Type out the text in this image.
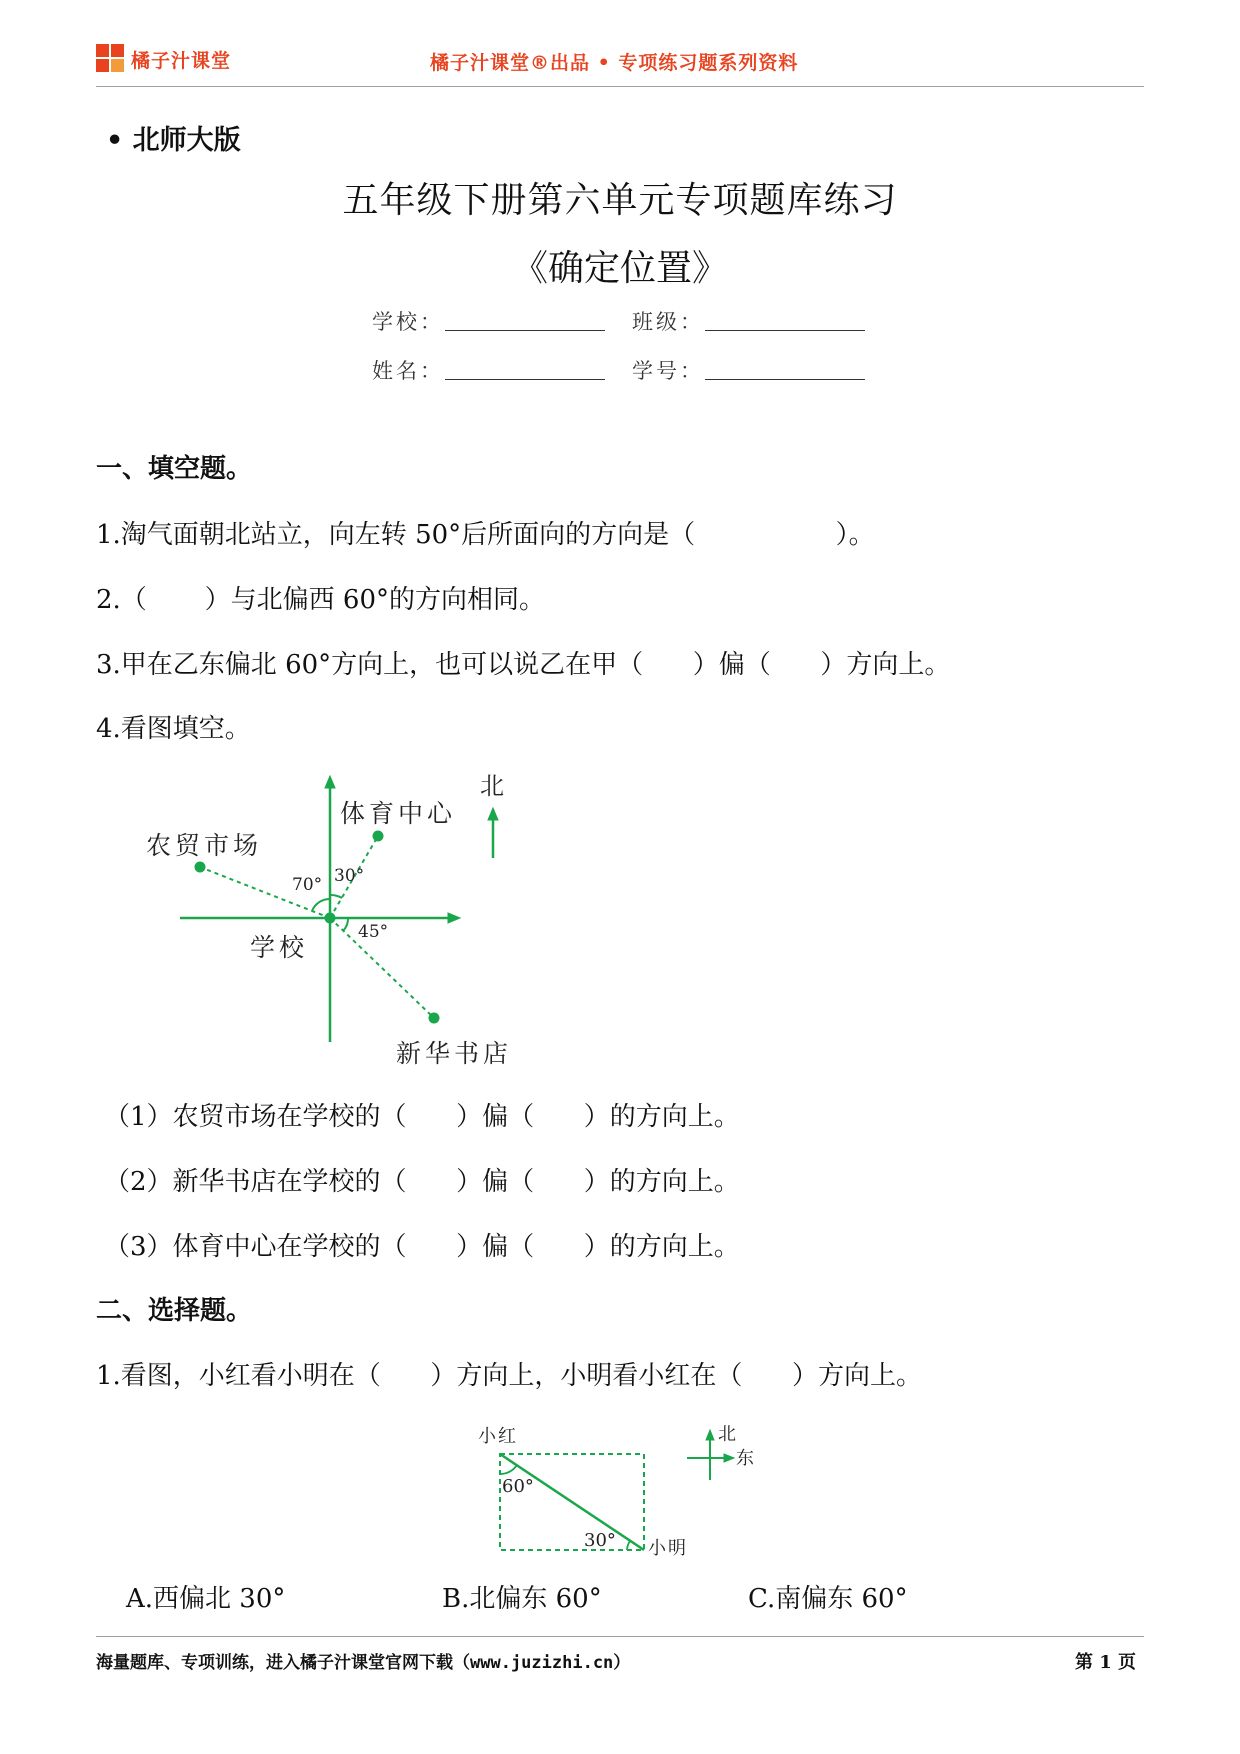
橘子汁课堂	橘子汁课堂®出品 • 专项练习题系列资料
• 北师大版
五年级下册第六单元专项题库练习
《确定位置》
学校：	班级：
姓名：	学号：
一、填空题。
1.淘气面朝北站立，向左转 50°后所面向的方向是（                 ）。
2.（       ）与北偏西 60°的方向相同。
3.甲在乙东偏北 60°方向上，也可以说乙在甲（      ）偏（      ）方向上。
4.看图填空。
北
体育中心
农贸市场
学校
新华书店
70° 30°
45°
（1）农贸市场在学校的（      ）偏（      ）的方向上。
（2）新华书店在学校的（      ）偏（      ）的方向上。
（3）体育中心在学校的（      ）偏（      ）的方向上。
二、选择题。
1.看图，小红看小明在（      ）方向上，小明看小红在（      ）方向上。
小红
小明
北
东
60°
30°
A.西偏北 30°	B.北偏东 60°	C.南偏东 60°
海量题库、专项训练，进入橘子汁课堂官网下载（www.juzizhi.cn）	第 1 页
